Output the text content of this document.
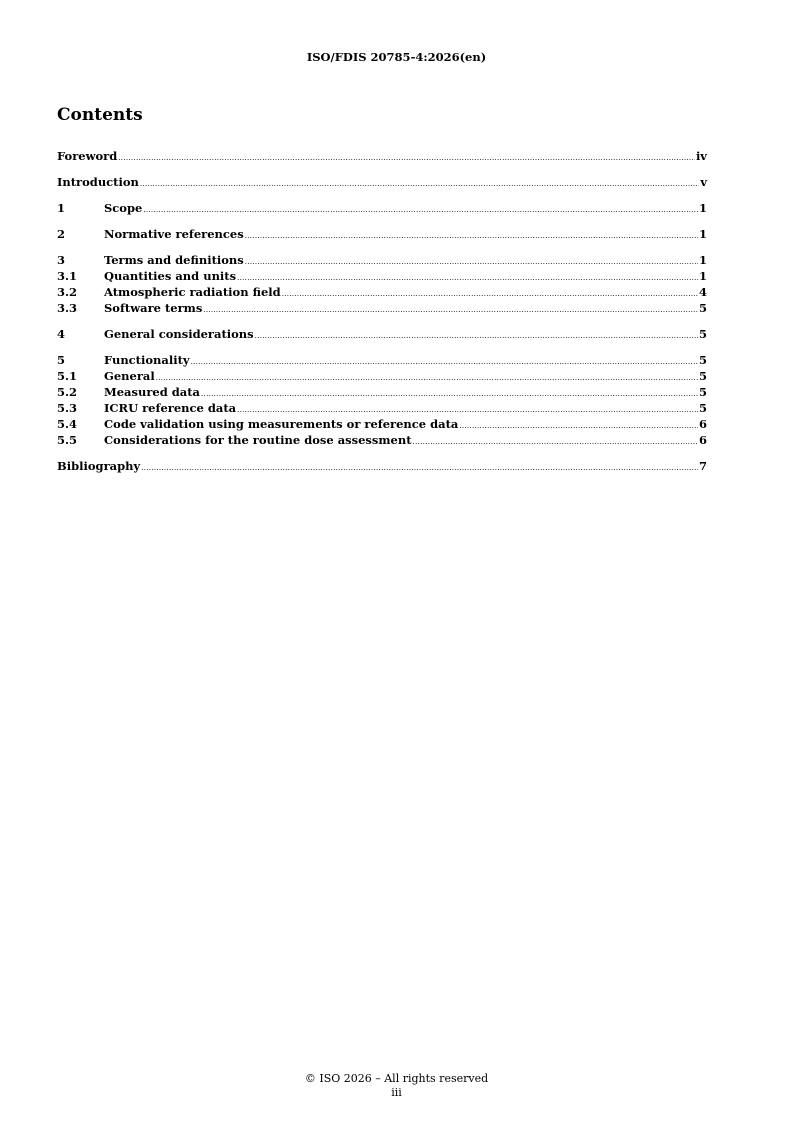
ISO/FDIS 20785-4:2026(en)
Contents
Foreword .....	iv
Introduction .....	v
1	Scope .....	1
2	Normative references .....	1
3	Terms and definitions .....	1
3.1	Quantities and units .....	1
3.2	Atmospheric radiation field .....	4
3.3	Software terms .....	5
4	General considerations .....	5
5	Functionality .....	5
5.1	General .....	5
5.2	Measured data .....	5
5.3	ICRU reference data .....	5
5.4	Code validation using measurements or reference data .....	6
5.5	Considerations for the routine dose assessment .....	6
Bibliography .....	7
© ISO 2026 – All rights reserved
iii
